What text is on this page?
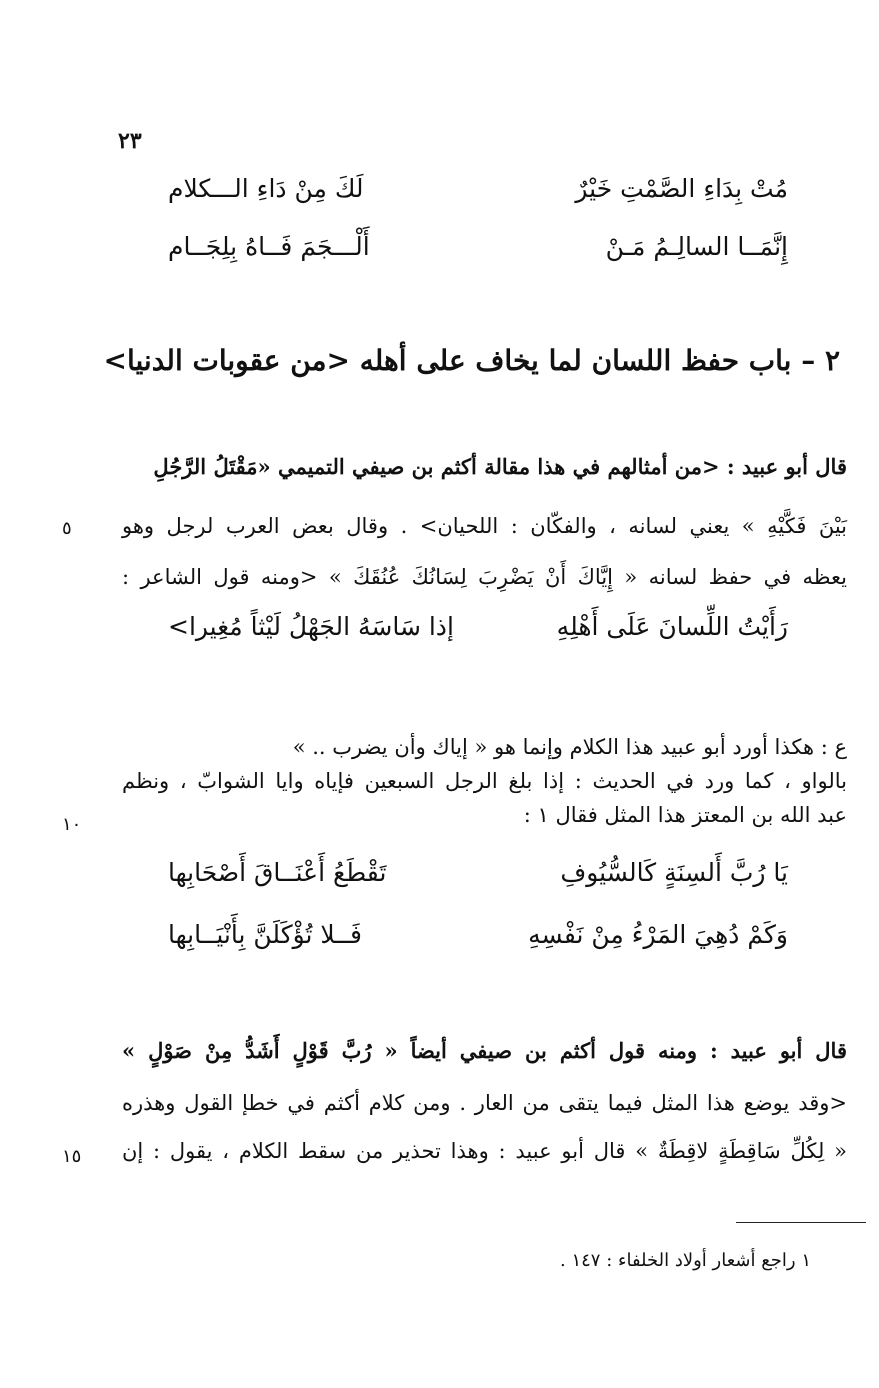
٢٣
مُتْ بِدَاءِ الصَّمْتِ خَيْرٌ
لَكَ مِنْ دَاءِ الـــكلام
إِنَّمَــا السالِـمُ مَـنْ
أَلْـــجَمَ فَــاهُ بِلِجَــام
٢ – باب حفظ اللسان لما يخاف على أهله <من عقوبات الدنيا>
قال أبو عبيد : <من أمثالهم في هذا مقالة أكثم بن صيفي التميمي «مَقْتَلُ الرَّجُلِ
بَيْنَ فَكَّيْهِ » يعني لسانه ، والفكّان : اللحيان> . وقال بعض العرب لرجل وهو
يعظه في حفظ لسانه « إِيَّاكَ أَنْ يَضْرِبَ لِسَانُكَ عُنُقَكَ » <ومنه قول الشاعر :
٥
رَأَيْتُ اللِّسانَ عَلَى أَهْلِهِ
إذا سَاسَهُ الجَهْلُ لَيْثاً مُغِيرا>
ع : هكذا أورد أبو عبيد هذا الكلام وإنما هو « إياك وأن يضرب .. »
بالواو ، كما ورد في الحديث : إذا بلغ الرجل السبعين فإياه وايا الشوابّ ، ونظم
عبد الله بن المعتز هذا المثل فقال ١ :
١٠
يَا رُبَّ أَلسِنَةٍ كَالسُّيُوفِ
تَقْطَعُ أَعْنَــاقَ أَصْحَابِها
وَكَمْ دُهِيَ المَرْءُ مِنْ نَفْسِهِ
فَــلا تُؤْكَلَنَّ بِأَنْيَــابِها
قال أبو عبيد : ومنه قول أكثم بن صيفي أيضاً « رُبَّ قَوْلٍ أَشَدُّ مِنْ صَوْلٍ »
<وقد يوضع هذا المثل فيما يتقى من العار . ومن كلام أكثم في خطإ القول وهذره
« لِكُلِّ سَاقِطَةٍ لاقِطَةٌ » قال أبو عبيد : وهذا تحذير من سقط الكلام ، يقول : إن
١٥
١ راجع أشعار أولاد الخلفاء : ١٤٧ .
